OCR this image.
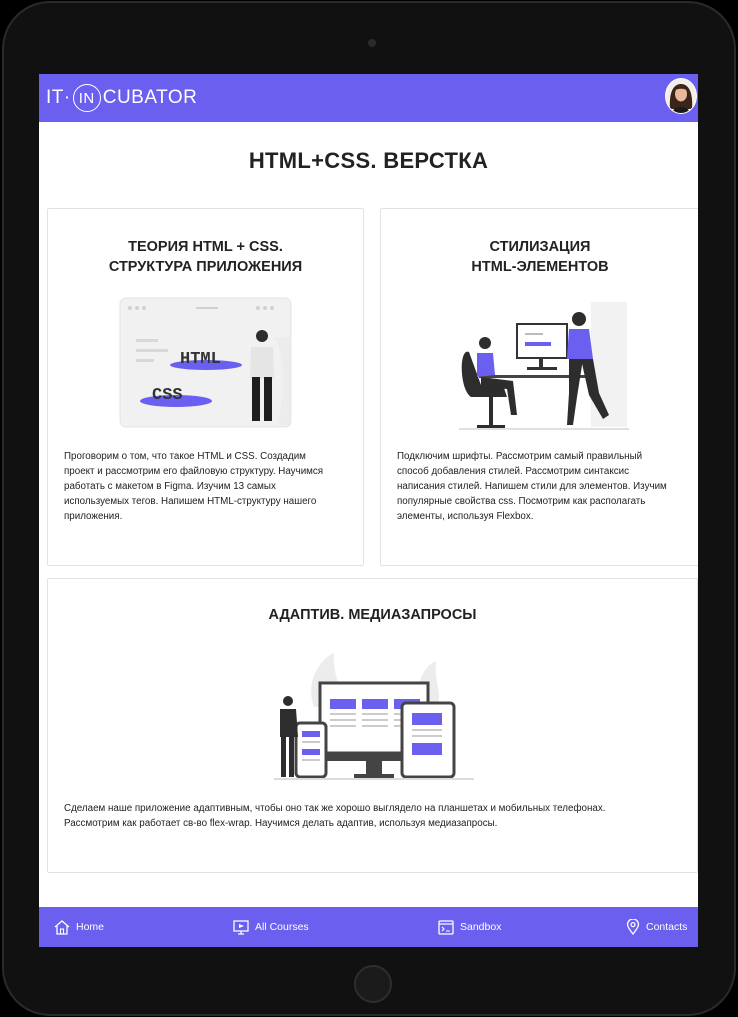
IT· IN CUBATOR
HTML+CSS. ВЕРСТКА
ТЕОРИЯ HTML + CSS.
СТРУКТУРА ПРИЛОЖЕНИЯ
HTML
CSS
Проговорим о том, что такое HTML и CSS. Создадим
проект и рассмотрим его файловую структуру. Научимся
работать с макетом в Figma. Изучим 13 самых
используемых тегов. Напишем HTML-структуру нашего
приложения.
СТИЛИЗАЦИЯ
HTML-ЭЛЕМЕНТОВ
Подключим шрифты. Рассмотрим самый правильный
способ добавления стилей. Рассмотрим синтаксис
написания стилей. Напишем стили для элементов. Изучим
популярные свойства css. Посмотрим как располагать
элементы, используя Flexbox.
АДАПТИВ. МЕДИАЗАПРОСЫ
Сделаем наше приложение адаптивным, чтобы оно так же хорошо выглядело на планшетах и мобильных телефонах.
Рассмотрим как работает св-во flex-wrap. Научимся делать адаптив, используя медиазапросы.
Home	All Courses	Sandbox	Contacts
